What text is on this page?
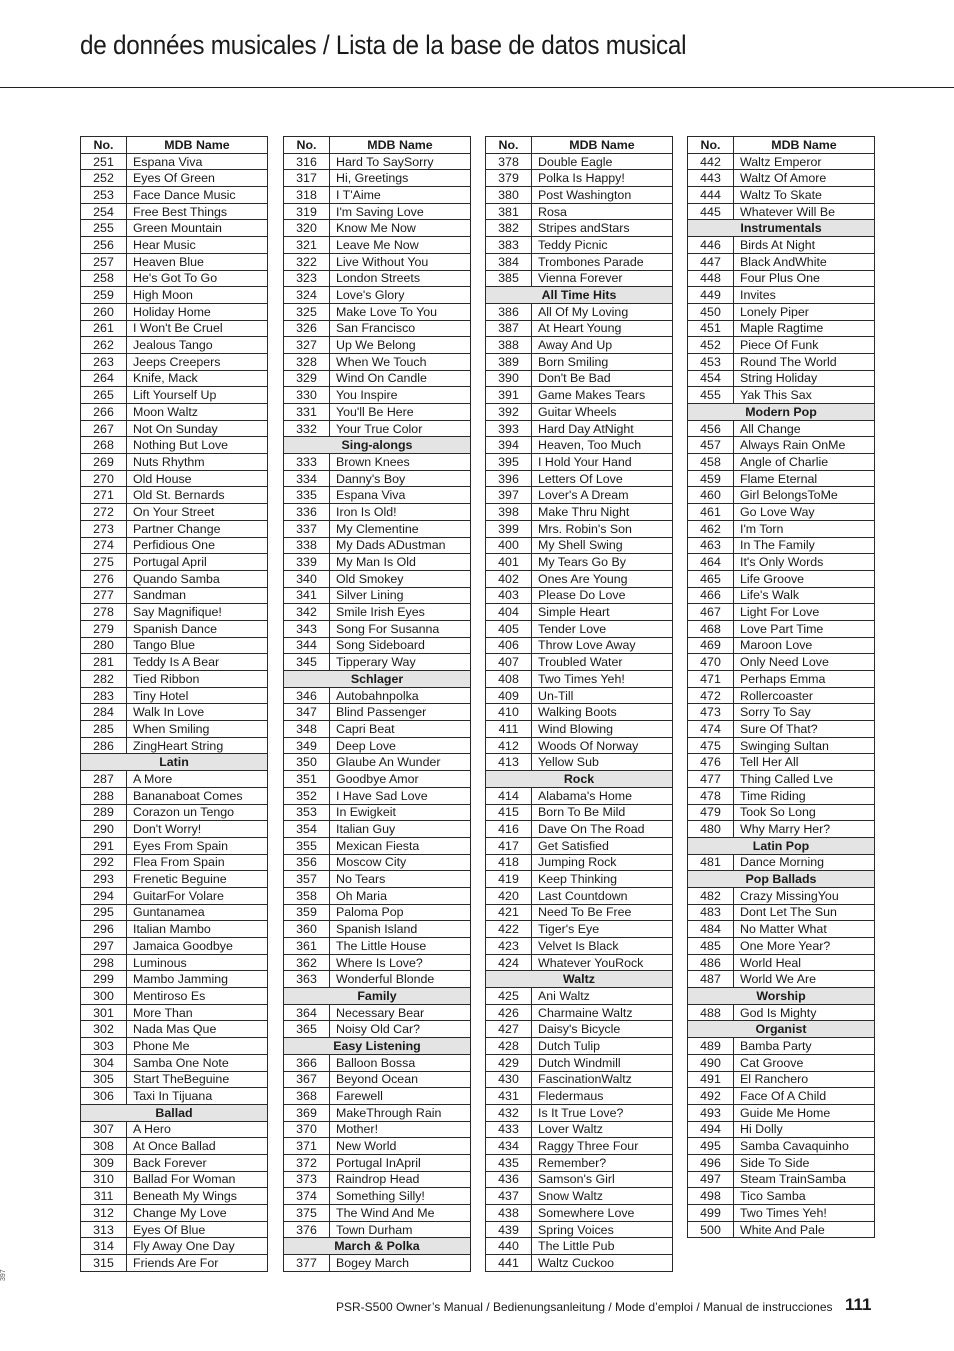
de données musicales / Lista de la base de datos musical
No.	MDB Name
251	Espana Viva
252	Eyes Of Green
253	Face Dance Music
254	Free Best Things
255	Green Mountain
256	Hear Music
257	Heaven Blue
258	He's Got To Go
259	High Moon
260	Holiday Home
261	I Won't Be Cruel
262	Jealous Tango
263	Jeeps Creepers
264	Knife, Mack
265	Lift Yourself Up
266	Moon Waltz
267	Not On Sunday
268	Nothing But Love
269	Nuts Rhythm
270	Old House
271	Old St. Bernards
272	On Your Street
273	Partner Change
274	Perfidious One
275	Portugal April
276	Quando Samba
277	Sandman
278	Say Magnifique!
279	Spanish Dance
280	Tango Blue
281	Teddy Is A Bear
282	Tied Ribbon
283	Tiny Hotel
284	Walk In Love
285	When Smiling
286	ZingHeart String
Latin	
287	A More
288	Bananaboat Comes
289	Corazon un Tengo
290	Don't Worry!
291	Eyes From Spain
292	Flea From Spain
293	Frenetic Beguine
294	GuitarFor Volare
295	Guntanamea
296	Italian Mambo
297	Jamaica Goodbye
298	Luminous
299	Mambo Jamming
300	Mentiroso Es
301	More Than
302	Nada Mas Que
303	Phone Me
304	Samba One Note
305	Start TheBeguine
306	Taxi In Tijuana
Ballad	
307	A Hero
308	At Once Ballad
309	Back Forever
310	Ballad For Woman
311	Beneath My Wings
312	Change My Love
313	Eyes Of Blue
314	Fly Away One Day
315	Friends Are For
No.	MDB Name
316	Hard To SaySorry
317	Hi, Greetings
318	I T'Aime
319	I'm Saving Love
320	Know Me Now
321	Leave Me Now
322	Live Without You
323	London Streets
324	Love's Glory
325	Make Love To You
326	San Francisco
327	Up We Belong
328	When We Touch
329	Wind On Candle
330	You Inspire
331	You'll Be Here
332	Your True Color
Sing-alongs	
333	Brown Knees
334	Danny's Boy
335	Espana Viva
336	Iron Is Old!
337	My Clementine
338	My Dads ADustman
339	My Man Is Old
340	Old Smokey
341	Silver Lining
342	Smile Irish Eyes
343	Song For Susanna
344	Song Sideboard
345	Tipperary Way
Schlager	
346	Autobahnpolka
347	Blind Passenger
348	Capri Beat
349	Deep Love
350	Glaube An Wunder
351	Goodbye Amor
352	I Have Sad Love
353	In Ewigkeit
354	Italian Guy
355	Mexican Fiesta
356	Moscow City
357	No Tears
358	Oh Maria
359	Paloma Pop
360	Spanish Island
361	The Little House
362	Where Is Love?
363	Wonderful Blonde
Family	
364	Necessary Bear
365	Noisy Old Car?
Easy Listening	
366	Balloon Bossa
367	Beyond Ocean
368	Farewell
369	MakeThrough Rain
370	Mother!
371	New World
372	Portugal InApril
373	Raindrop Head
374	Something Silly!
375	The Wind And Me
376	Town Durham
March & Polka	
377	Bogey March
No.	MDB Name
378	Double Eagle
379	Polka Is Happy!
380	Post Washington
381	Rosa
382	Stripes andStars
383	Teddy Picnic
384	Trombones Parade
385	Vienna Forever
All Time Hits	
386	All Of My Loving
387	At Heart Young
388	Away And Up
389	Born Smiling
390	Don't Be Bad
391	Game Makes Tears
392	Guitar Wheels
393	Hard Day AtNight
394	Heaven, Too Much
395	I Hold Your Hand
396	Letters Of Love
397	Lover's A Dream
398	Make Thru Night
399	Mrs. Robin's Son
400	My Shell Swing
401	My Tears Go By
402	Ones Are Young
403	Please Do Love
404	Simple Heart
405	Tender Love
406	Throw Love Away
407	Troubled Water
408	Two Times Yeh!
409	Un-Till
410	Walking Boots
411	Wind Blowing
412	Woods Of Norway
413	Yellow Sub
Rock	
414	Alabama's Home
415	Born To Be Mild
416	Dave On The Road
417	Get Satisfied
418	Jumping Rock
419	Keep Thinking
420	Last Countdown
421	Need To Be Free
422	Tiger's Eye
423	Velvet Is Black
424	Whatever YouRock
Waltz	
425	Ani Waltz
426	Charmaine Waltz
427	Daisy's Bicycle
428	Dutch Tulip
429	Dutch Windmill
430	FascinationWaltz
431	Fledermaus
432	Is It True Love?
433	Lover Waltz
434	Raggy Three Four
435	Remember?
436	Samson's Girl
437	Snow Waltz
438	Somewhere Love
439	Spring Voices
440	The Little Pub
441	Waltz Cuckoo
No.	MDB Name
442	Waltz Emperor
443	Waltz Of Amore
444	Waltz To Skate
445	Whatever Will Be
Instrumentals	
446	Birds At Night
447	Black AndWhite
448	Four Plus One
449	Invites
450	Lonely Piper
451	Maple Ragtime
452	Piece Of Funk
453	Round The World
454	String Holiday
455	Yak This Sax
Modern Pop	
456	All Change
457	Always Rain OnMe
458	Angle of Charlie
459	Flame Eternal
460	Girl BelongsToMe
461	Go Love Way
462	I'm Torn
463	In The Family
464	It's Only Words
465	Life Groove
466	Life's Walk
467	Light For Love
468	Love Part Time
469	Maroon Love
470	Only Need Love
471	Perhaps Emma
472	Rollercoaster
473	Sorry To Say
474	Sure Of That?
475	Swinging Sultan
476	Tell Her All
477	Thing Called Lve
478	Time Riding
479	Took So Long
480	Why Marry Her?
Latin Pop	
481	Dance Morning
Pop Ballads	
482	Crazy MissingYou
483	Dont Let The Sun
484	No Matter What
485	One More Year?
486	World Heal
487	World We Are
Worship	
488	God Is Mighty
Organist	
489	Bamba Party
490	Cat Groove
491	El Ranchero
492	Face Of A Child
493	Guide Me Home
494	Hi Dolly
495	Samba Cavaquinho
496	Side To Side
497	Steam TrainSamba
498	Tico Samba
499	Two Times Yeh!
500	White And Pale
397
PSR-S500 Owner’s Manual / Bedienungsanleitung / Mode d’emploi / Manual de instrucciones 111
